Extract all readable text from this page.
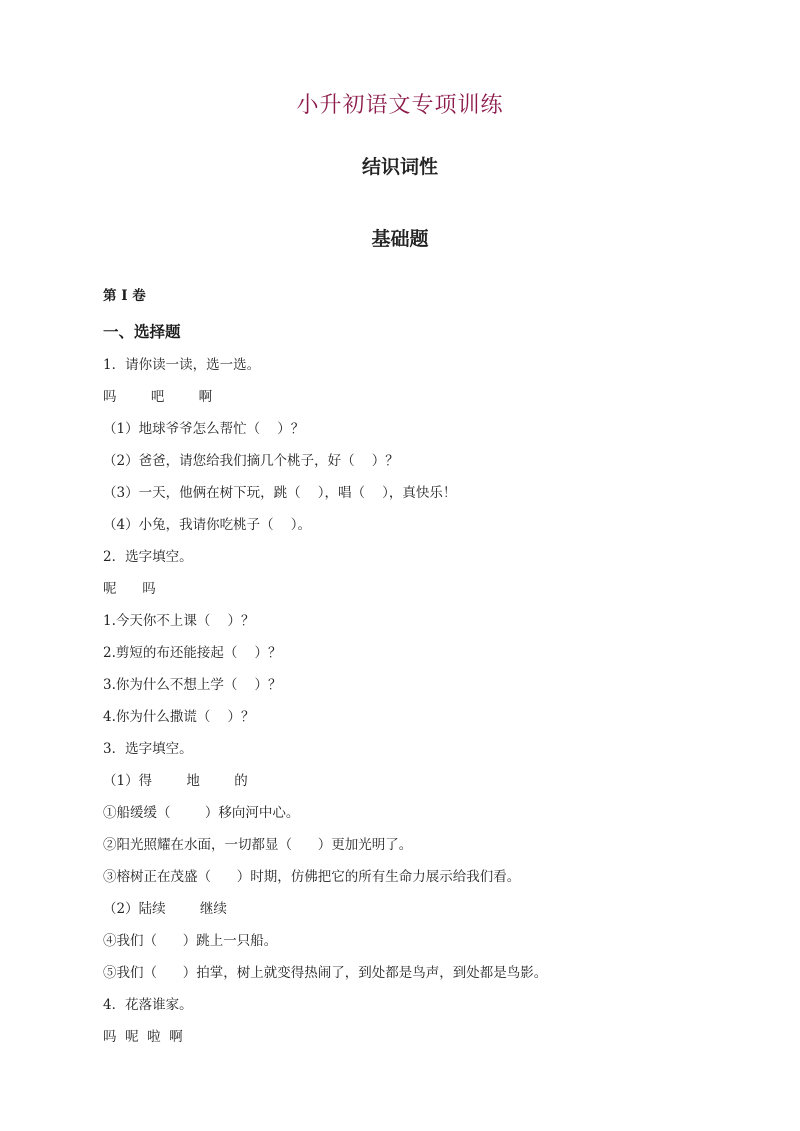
小升初语文专项训练
结识词性
基础题
第 I 卷
一、选择题
1．请你读一读，选一选。
吗        吧        啊
（1）地球爷爷怎么帮忙（    ）？
（2）爸爸，请您给我们摘几个桃子，好（    ）？
（3）一天，他俩在树下玩，跳（    ），唱（    ），真快乐！
（4）小兔，我请你吃桃子（    ）。
2．选字填空。
呢      吗
1.今天你不上课（    ）？
2.剪短的布还能接起（    ）？
3.你为什么不想上学（    ）？
4.你为什么撒谎（    ）？
3．选字填空。
（1）得        地        的
①船缓缓（        ）移向河中心。
②阳光照耀在水面，一切都显（      ）更加光明了。
③榕树正在茂盛（      ）时期，仿佛把它的所有生命力展示给我们看。
（2）陆续        继续
④我们（      ）跳上一只船。
⑤我们（      ）拍掌，树上就变得热闹了，到处都是鸟声，到处都是鸟影。
4．花落谁家。
吗  呢  啦  啊
